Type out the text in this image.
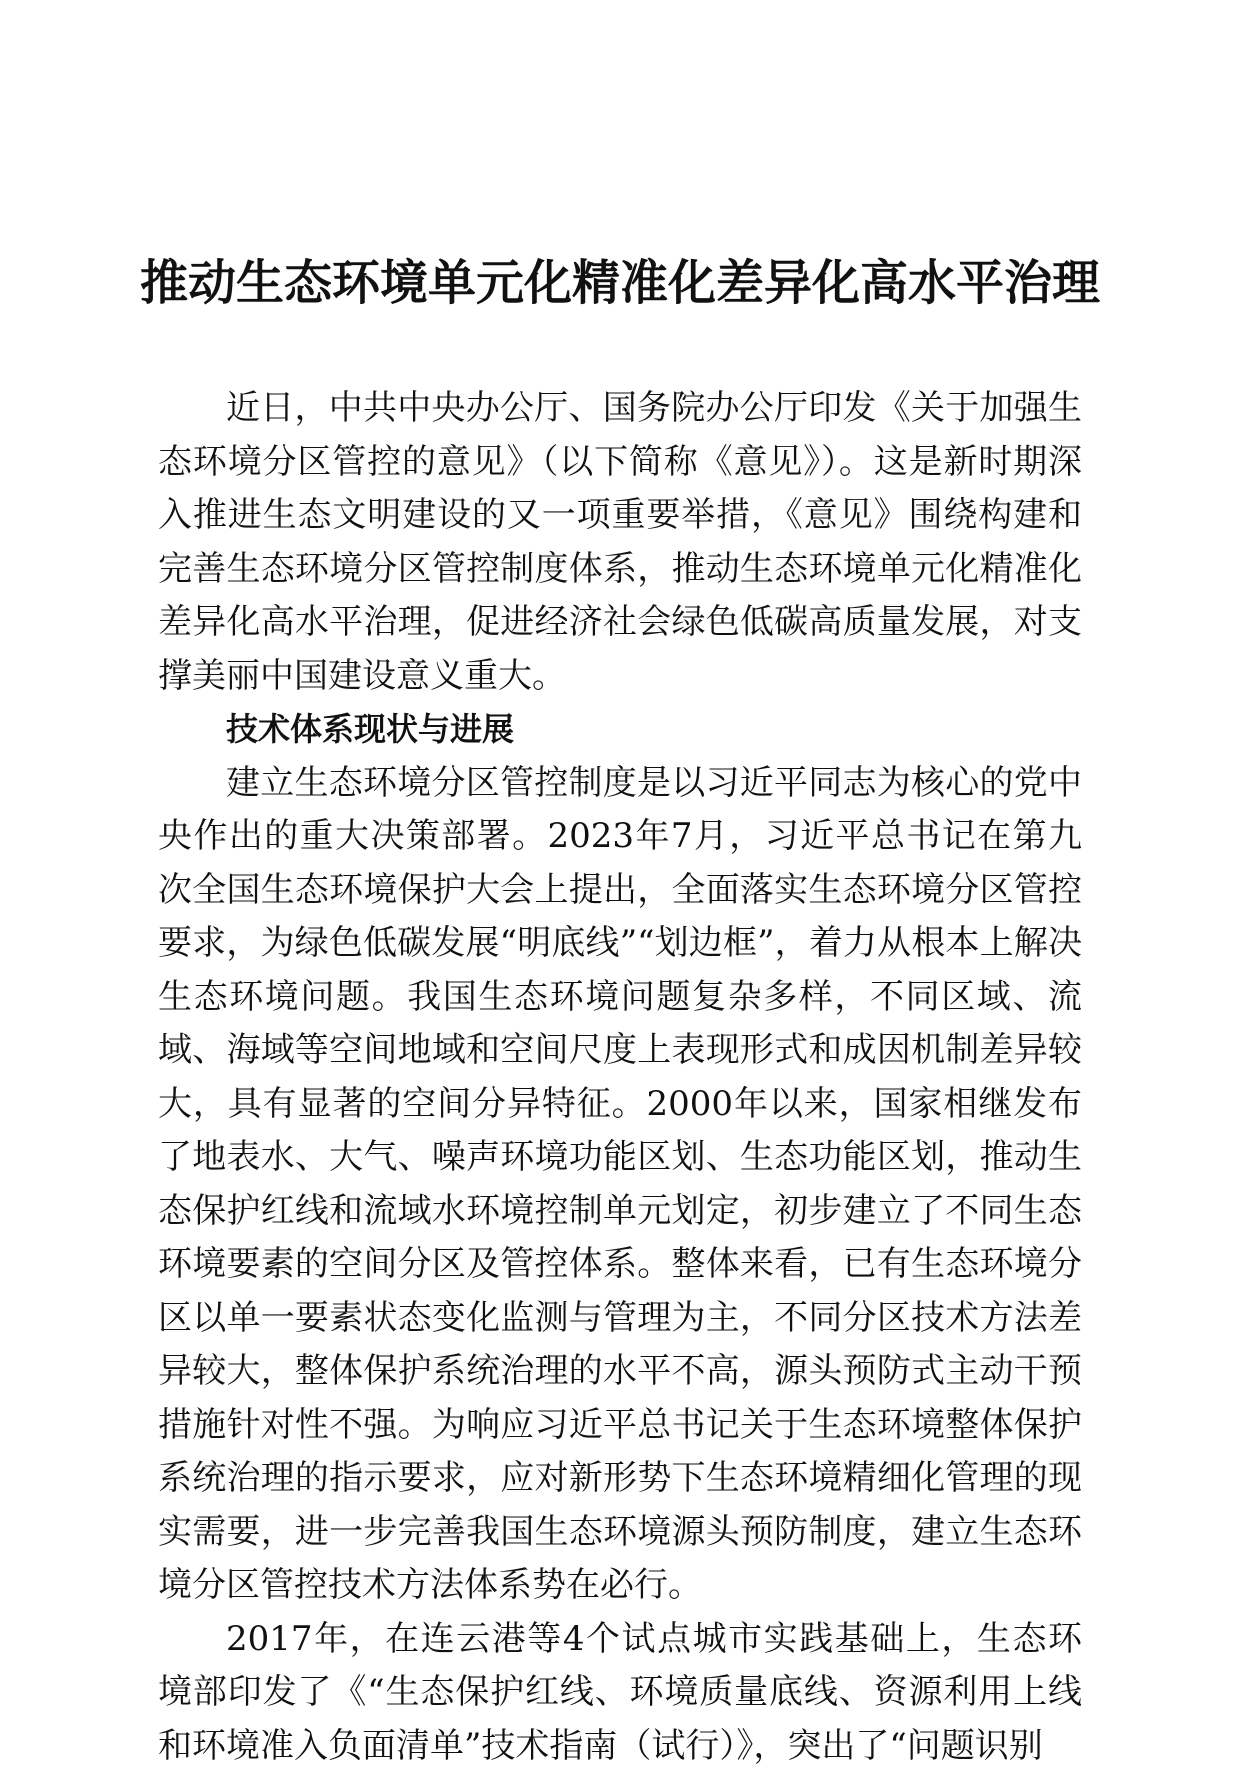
推动生态环境单元化精准化差异化高水平治理

近日，中共中央办公厅、国务院办公厅印发《关于加强生态环境分区管控的意见》（以下简称《意见》）。这是新时期深入推进生态文明建设的又一项重要举措，《意见》围绕构建和完善生态环境分区管控制度体系，推动生态环境单元化精准化差异化高水平治理，促进经济社会绿色低碳高质量发展，对支撑美丽中国建设意义重大。

技术体系现状与进展

建立生态环境分区管控制度是以习近平同志为核心的党中央作出的重大决策部署。2023年7月，习近平总书记在第九次全国生态环境保护大会上提出，全面落实生态环境分区管控要求，为绿色低碳发展“明底线”“划边框”，着力从根本上解决生态环境问题。我国生态环境问题复杂多样，不同区域、流域、海域等空间地域和空间尺度上表现形式和成因机制差异较大，具有显著的空间分异特征。2000年以来，国家相继发布了地表水、大气、噪声环境功能区划、生态功能区划，推动生态保护红线和流域水环境控制单元划定，初步建立了不同生态环境要素的空间分区及管控体系。整体来看，已有生态环境分区以单一要素状态变化监测与管理为主，不同分区技术方法差异较大，整体保护系统治理的水平不高，源头预防式主动干预措施针对性不强。为响应习近平总书记关于生态环境整体保护系统治理的指示要求，应对新形势下生态环境精细化管理的现实需要，进一步完善我国生态环境源头预防制度，建立生态环境分区管控技术方法体系势在必行。

2017年，在连云港等4个试点城市实践基础上，生态环境部印发了《“生态保护红线、环境质量底线、资源利用上线和环境准入负面清单”技术指南（试行）》，突出了“问题识别
